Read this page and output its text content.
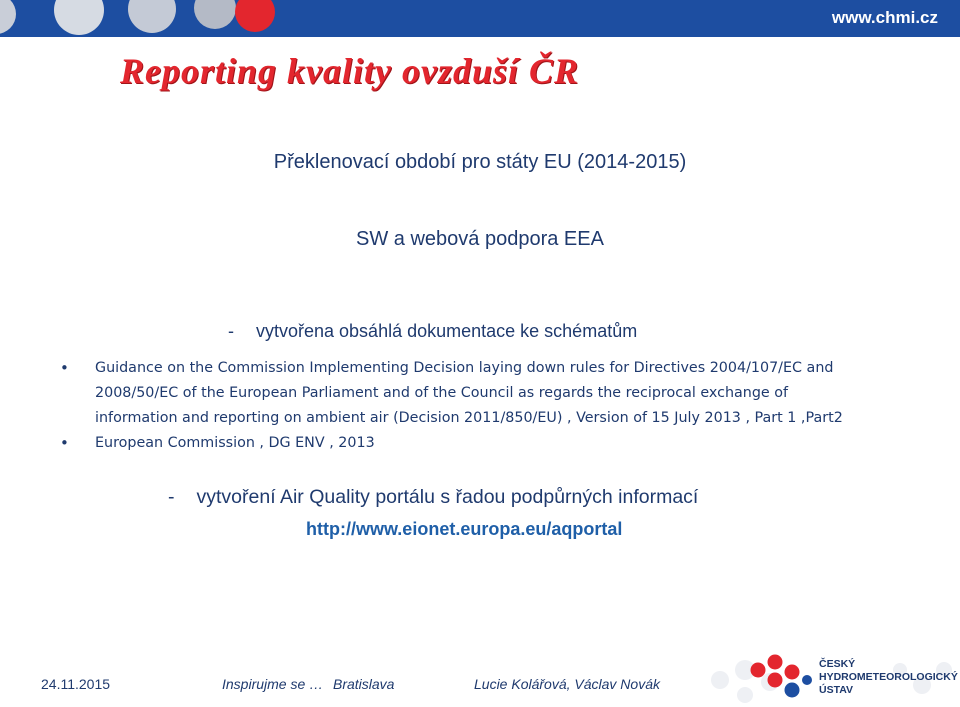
www.chmi.cz
Reporting kvality ovzduší ČR
Překlenovací období pro státy EU (2014-2015)
SW a webová podpora EEA
- vytvořena obsáhlá dokumentace ke schématům
• Guidance on the Commission Implementing Decision laying down rules for Directives 2004/107/EC and
2008/50/EC of the European Parliament and of the Council as regards the reciprocal exchange of
information and reporting on ambient air (Decision 2011/850/EU) , Version of 15 July 2013 , Part 1 ,Part2
• European Commission , DG ENV , 2013
- vytvoření Air Quality portálu s řadou podpůrných informací
http://www.eionet.europa.eu/aqportal
24.11.2015	Inspirujme se … Bratislava	Lucie Kolářová, Václav Novák
ČESKÝ
HYDROMETEOROLOGICKÝ
ÚSTAV
